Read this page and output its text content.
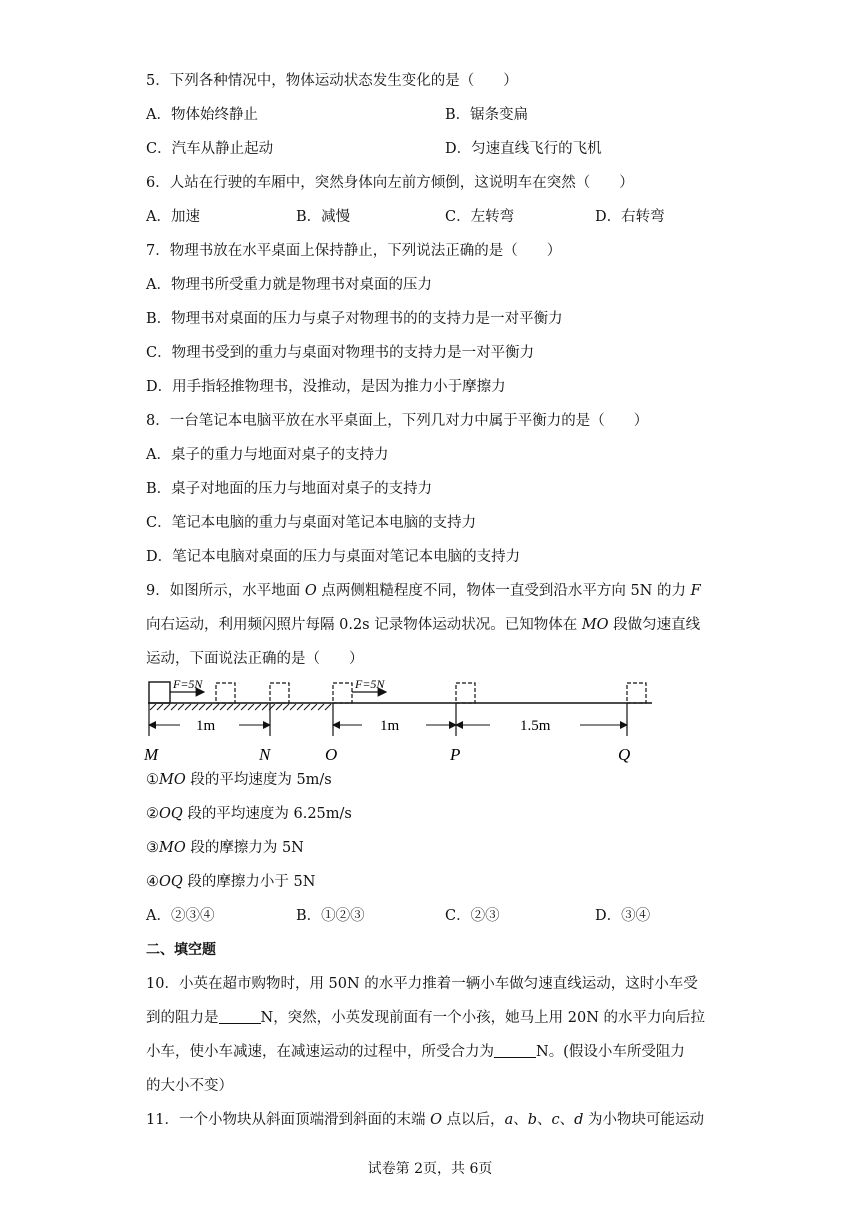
5．下列各种情况中，物体运动状态发生变化的是（　　）
A．物体始终静止	B．锯条变扁
C．汽车从静止起动	D．匀速直线飞行的飞机
6．人站在行驶的车厢中，突然身体向左前方倾倒，这说明车在突然（　　）
A．加速	B．减慢	C．左转弯	D．右转弯
7．物理书放在水平桌面上保持静止，下列说法正确的是（　　）
A．物理书所受重力就是物理书对桌面的压力
B．物理书对桌面的压力与桌子对物理书的的支持力是一对平衡力
C．物理书受到的重力与桌面对物理书的支持力是一对平衡力
D．用手指轻推物理书，没推动，是因为推力小于摩擦力
8．一台笔记本电脑平放在水平桌面上，下列几对力中属于平衡力的是（　　）
A．桌子的重力与地面对桌子的支持力
B．桌子对地面的压力与地面对桌子的支持力
C．笔记本电脑的重力与桌面对笔记本电脑的支持力
D．笔记本电脑对桌面的压力与桌面对笔记本电脑的支持力
9．如图所示，水平地面 O 点两侧粗糙程度不同，物体一直受到沿水平方向 5N 的力 F
向右运动，利用频闪照片每隔 0.2s 记录物体运动状况。已知物体在 MO 段做匀速直线
运动，下面说法正确的是（　　）
F=5N	F=5N
1m	1m	1.5m
M	N	O	P	Q
①MO 段的平均速度为 5m/s
②OQ 段的平均速度为 6.25m/s
③MO 段的摩擦力为 5N
④OQ 段的摩擦力小于 5N
A．②③④	B．①②③	C．②③	D．③④
二、填空题
10．小英在超市购物时，用 50N 的水平力推着一辆小车做匀速直线运动，这时小车受
到的阻力是	N，突然，小英发现前面有一个小孩，她马上用 20N 的水平力向后拉
小车，使小车减速，在减速运动的过程中，所受合力为	N。(假设小车所受阻力
的大小不变）
11．一个小物块从斜面顶端滑到斜面的末端 O 点以后，a、b、c、d 为小物块可能运动
试卷第 2页，共 6页
